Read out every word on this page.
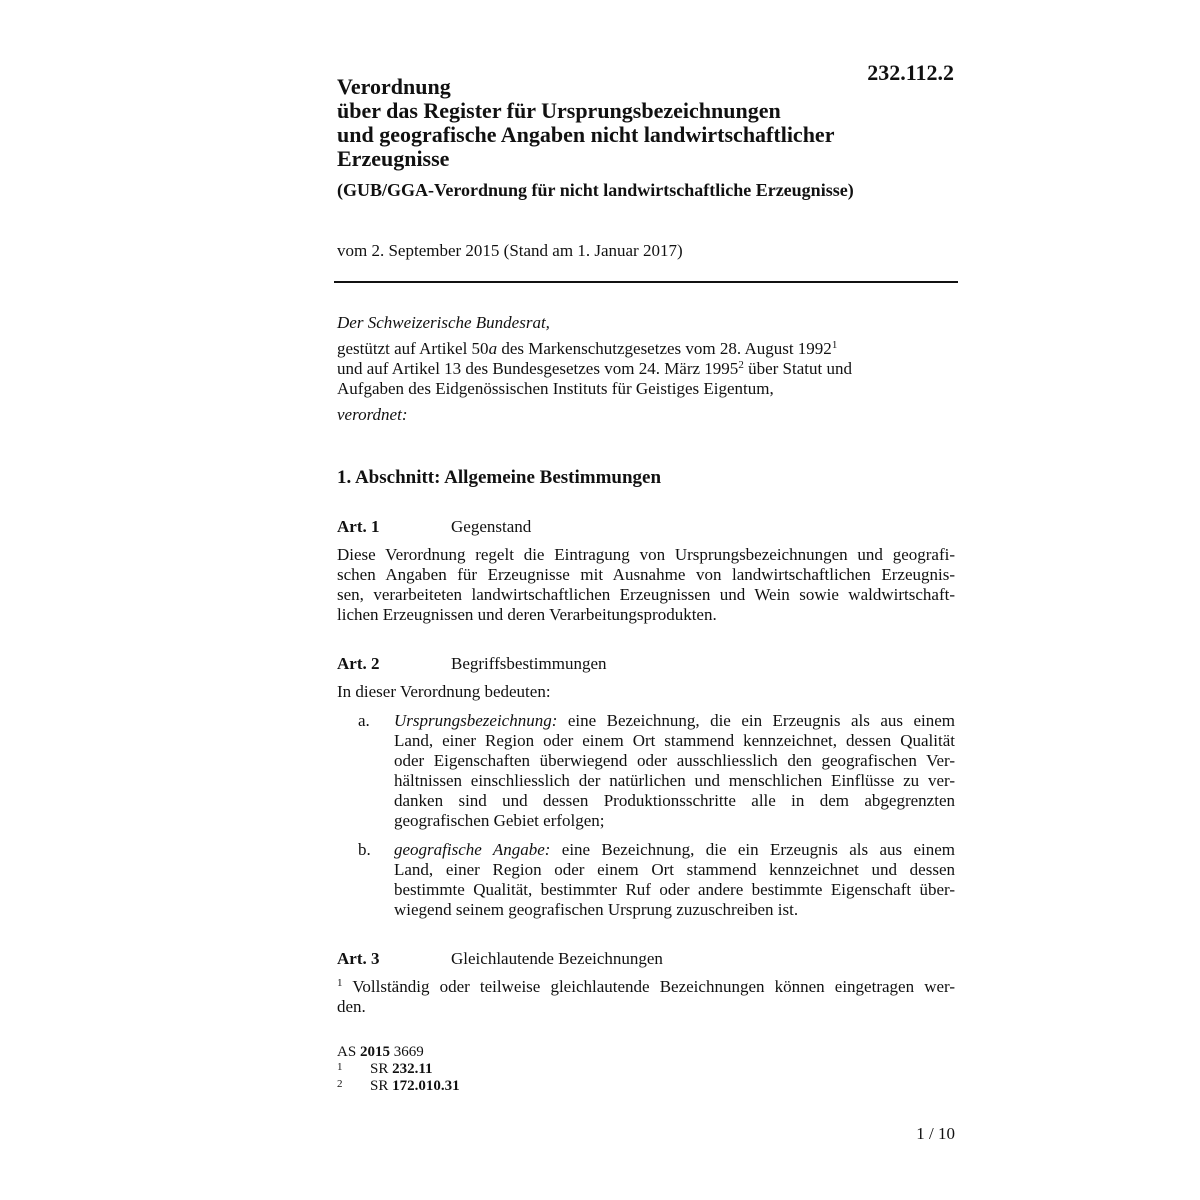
232.112.2
Verordnung
über das Register für Ursprungsbezeichnungen
und geografische Angaben nicht landwirtschaftlicher
Erzeugnisse
(GUB/GGA-Verordnung für nicht landwirtschaftliche Erzeugnisse)
vom 2. September 2015 (Stand am 1. Januar 2017)
Der Schweizerische Bundesrat,
gestützt auf Artikel 50a des Markenschutzgesetzes vom 28. August 1992$^1$
und auf Artikel 13 des Bundesgesetzes vom 24. März 1995$^2$ über Statut und
Aufgaben des Eidgenössischen Instituts für Geistiges Eigentum,
verordnet:
1. Abschnitt: Allgemeine Bestimmungen
Art. 1	Gegenstand
Diese Verordnung regelt die Eintragung von Ursprungsbezeichnungen und geografi-
schen Angaben für Erzeugnisse mit Ausnahme von landwirtschaftlichen Erzeugnis-
sen, verarbeiteten landwirtschaftlichen Erzeugnissen und Wein sowie waldwirtschaft-
lichen Erzeugnissen und deren Verarbeitungsprodukten.
Art. 2	Begriffsbestimmungen
In dieser Verordnung bedeuten:
a. Ursprungsbezeichnung: eine Bezeichnung, die ein Erzeugnis als aus einem
Land, einer Region oder einem Ort stammend kennzeichnet, dessen Qualität
oder Eigenschaften überwiegend oder ausschliesslich den geografischen Ver-
hältnissen einschliesslich der natürlichen und menschlichen Einflüsse zu ver-
danken sind und dessen Produktionsschritte alle in dem abgegrenzten
geografischen Gebiet erfolgen;
b. geografische Angabe: eine Bezeichnung, die ein Erzeugnis als aus einem
Land, einer Region oder einem Ort stammend kennzeichnet und dessen
bestimmte Qualität, bestimmter Ruf oder andere bestimmte Eigenschaft über-
wiegend seinem geografischen Ursprung zuzuschreiben ist.
Art. 3	Gleichlautende Bezeichnungen
$^1$ Vollständig oder teilweise gleichlautende Bezeichnungen können eingetragen wer-
den.
AS 2015 3669
1 SR 232.11
2 SR 172.010.31
1 / 10
